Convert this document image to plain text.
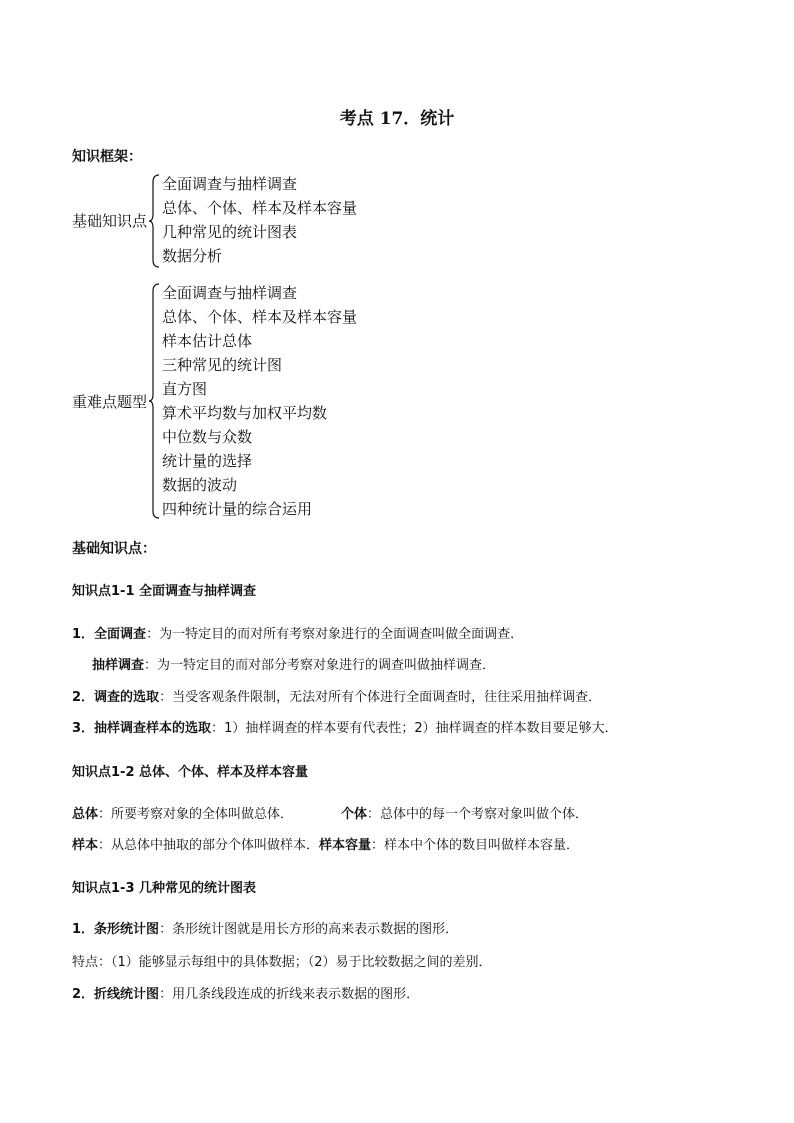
考点 17．统计
知识框架：
基础知识点
全面调查与抽样调查
总体、个体、样本及样本容量
几种常见的统计图表
数据分析
重难点题型
全面调查与抽样调查
总体、个体、样本及样本容量
样本估计总体
三种常见的统计图
直方图
算术平均数与加权平均数
中位数与众数
统计量的选择
数据的波动
四种统计量的综合运用
基础知识点：
知识点1-1 全面调查与抽样调查
1．全面调查：为一特定目的而对所有考察对象进行的全面调查叫做全面调查．
抽样调查：为一特定目的而对部分考察对象进行的调查叫做抽样调查．
2．调查的选取：当受客观条件限制，无法对所有个体进行全面调查时，往往采用抽样调查．
3．抽样调查样本的选取：1）抽样调查的样本要有代表性；2）抽样调查的样本数目要足够大．
知识点1-2 总体、个体、样本及样本容量
总体：所要考察对象的全体叫做总体．	个体：总体中的每一个考察对象叫做个体．
样本：从总体中抽取的部分个体叫做样本．样本容量：样本中个体的数目叫做样本容量．
知识点1-3 几种常见的统计图表
1．条形统计图：条形统计图就是用长方形的高来表示数据的图形．
特点：（1）能够显示每组中的具体数据；（2）易于比较数据之间的差别．
2．折线统计图：用几条线段连成的折线来表示数据的图形．
